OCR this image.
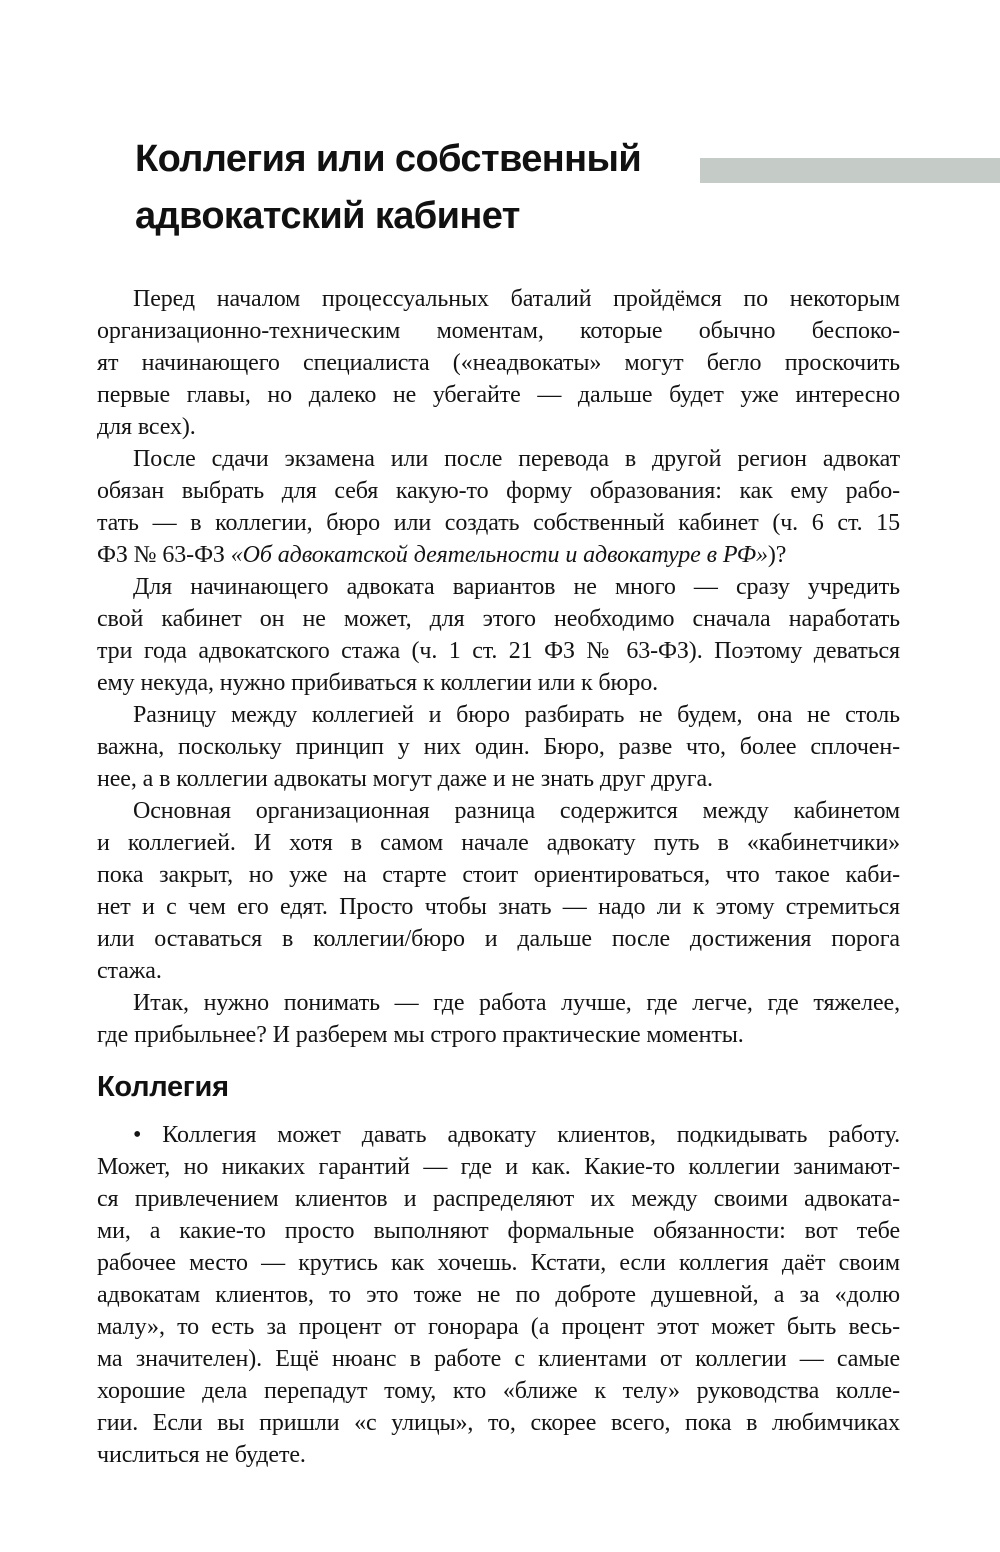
Коллегия или собственный
адвокатский кабинет
Перед началом процессуальных баталий пройдёмся по некоторым
организационно-техническим моментам, которые обычно беспоко-
ят начинающего специалиста («неадвокаты» могут бегло проскочить
первые главы, но далеко не убегайте — дальше будет уже интересно
для всех).
После сдачи экзамена или после перевода в другой регион адвокат
обязан выбрать для себя какую-то форму образования: как ему рабо-
тать — в коллегии, бюро или создать собственный кабинет (ч. 6 ст. 15
ФЗ № 63-ФЗ «Об адвокатской деятельности и адвокатуре в РФ»)?
Для начинающего адвоката вариантов не много — сразу учредить
свой кабинет он не может, для этого необходимо сначала наработать
три года адвокатского стажа (ч. 1 ст. 21 ФЗ № 63-ФЗ). Поэтому деваться
ему некуда, нужно прибиваться к коллегии или к бюро.
Разницу между коллегией и бюро разбирать не будем, она не столь
важна, поскольку принцип у них один. Бюро, разве что, более сплочен-
нее, а в коллегии адвокаты могут даже и не знать друг друга.
Основная организационная разница содержится между кабинетом
и коллегией. И хотя в самом начале адвокату путь в «кабинетчики»
пока закрыт, но уже на старте стоит ориентироваться, что такое каби-
нет и с чем его едят. Просто чтобы знать — надо ли к этому стремиться
или оставаться в коллегии/бюро и дальше после достижения порога
стажа.
Итак, нужно понимать — где работа лучше, где легче, где тяжелее,
где прибыльнее? И разберем мы строго практические моменты.
Коллегия
• Коллегия может давать адвокату клиентов, подкидывать работу.
Может, но никаких гарантий — где и как. Какие-то коллегии занимают-
ся привлечением клиентов и распределяют их между своими адвоката-
ми, а какие-то просто выполняют формальные обязанности: вот тебе
рабочее место — крутись как хочешь. Кстати, если коллегия даёт своим
адвокатам клиентов, то это тоже не по доброте душевной, а за «долю
малу», то есть за процент от гонорара (а процент этот может быть весь-
ма значителен). Ещё нюанс в работе с клиентами от коллегии — самые
хорошие дела перепадут тому, кто «ближе к телу» руководства колле-
гии. Если вы пришли «с улицы», то, скорее всего, пока в любимчиках
числиться не будете.
